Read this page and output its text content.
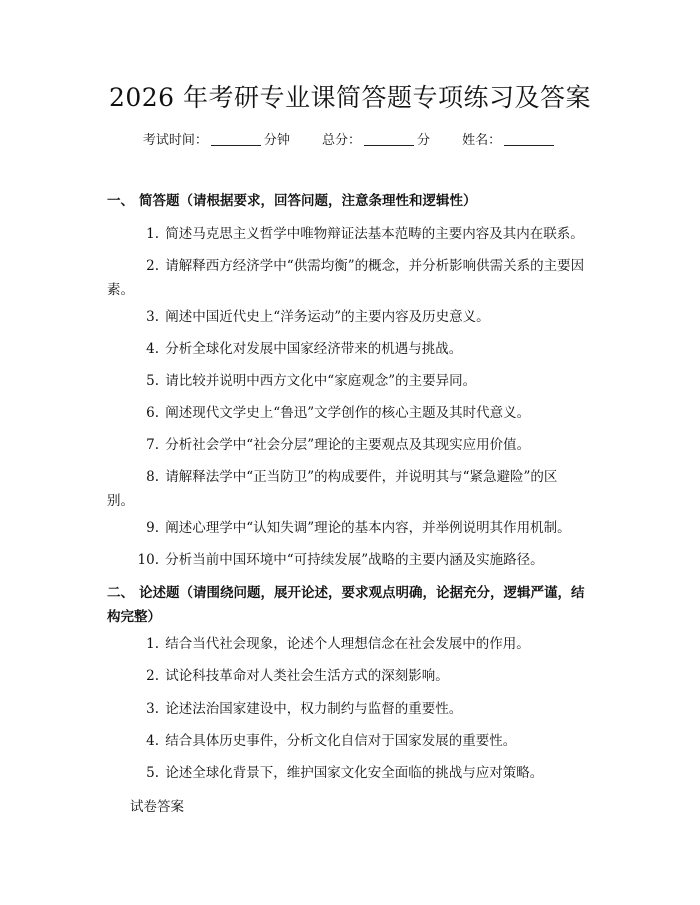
2026 年考研专业课简答题专项练习及答案
考试时间：	分钟 总分：	分 姓名：
一、 简答题（请根据要求，回答问题，注意条理性和逻辑性）
1. 简述马克思主义哲学中唯物辩证法基本范畴的主要内容及其内在联系。
2. 请解释西方经济学中“供需均衡”的概念，并分析影响供需关系的主要因
素。
3. 阐述中国近代史上“洋务运动”的主要内容及历史意义。
4. 分析全球化对发展中国家经济带来的机遇与挑战。
5. 请比较并说明中西方文化中“家庭观念”的主要异同。
6. 阐述现代文学史上“鲁迅”文学创作的核心主题及其时代意义。
7. 分析社会学中“社会分层”理论的主要观点及其现实应用价值。
8. 请解释法学中“正当防卫”的构成要件，并说明其与“紧急避险”的区
别。
9. 阐述心理学中“认知失调”理论的基本内容，并举例说明其作用机制。
10. 分析当前中国环境中“可持续发展”战略的主要内涵及实施路径。
二、 论述题（请围绕问题，展开论述，要求观点明确，论据充分，逻辑严谨，结
构完整）
1. 结合当代社会现象，论述个人理想信念在社会发展中的作用。
2. 试论科技革命对人类社会生活方式的深刻影响。
3. 论述法治国家建设中，权力制约与监督的重要性。
4. 结合具体历史事件，分析文化自信对于国家发展的重要性。
5. 论述全球化背景下，维护国家文化安全面临的挑战与应对策略。
试卷答案
